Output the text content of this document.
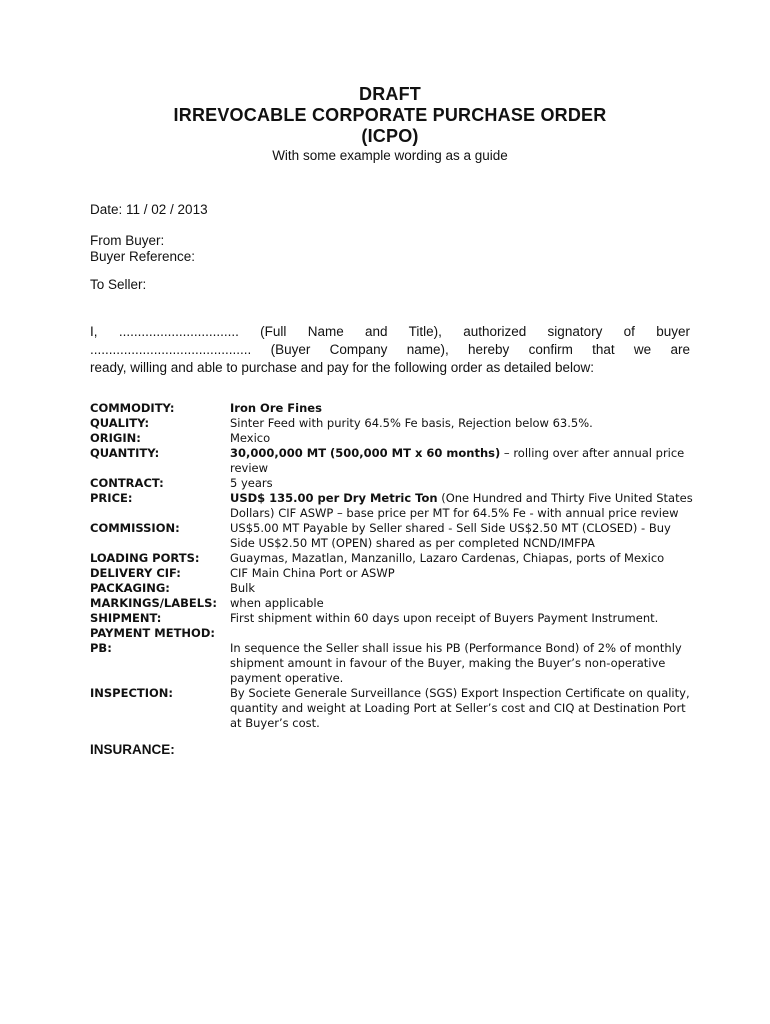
DRAFT
IRREVOCABLE CORPORATE PURCHASE ORDER
(ICPO)
With some example wording as a guide
Date: 11 / 02 / 2013
From Buyer:
Buyer Reference:
To Seller:
I, ................................ (Full Name and Title), authorized signatory of buyer
........................................... (Buyer Company name), hereby confirm that we are
ready, willing and able to purchase and pay for the following order as detailed below:
COMMODITY:	Iron Ore Fines
QUALITY:	Sinter Feed with purity 64.5% Fe basis, Rejection below 63.5%.
ORIGIN:	Mexico
QUANTITY:	30,000,000 MT (500,000 MT x 60 months) – rolling over after annual price review
CONTRACT:	5 years
PRICE:	USD$ 135.00 per Dry Metric Ton (One Hundred and Thirty Five United States Dollars) CIF ASWP – base price per MT for 64.5% Fe - with annual price review
COMMISSION:	US$5.00 MT Payable by Seller shared - Sell Side US$2.50 MT (CLOSED) - Buy Side US$2.50 MT (OPEN) shared as per completed NCND/IMFPA
LOADING PORTS:	Guaymas, Mazatlan, Manzanillo, Lazaro Cardenas, Chiapas, ports of Mexico
DELIVERY CIF:	CIF Main China Port or ASWP
PACKAGING:	Bulk
MARKINGS/LABELS:	when applicable
SHIPMENT:	First shipment within 60 days upon receipt of Buyers Payment Instrument.
PAYMENT METHOD:
PB:	In sequence the Seller shall issue his PB (Performance Bond) of 2% of monthly shipment amount in favour of the Buyer, making the Buyer’s non-operative payment operative.
INSPECTION:	By Societe Generale Surveillance (SGS) Export Inspection Certificate on quality, quantity and weight at Loading Port at Seller’s cost and CIQ at Destination Port at Buyer’s cost.
INSURANCE:
